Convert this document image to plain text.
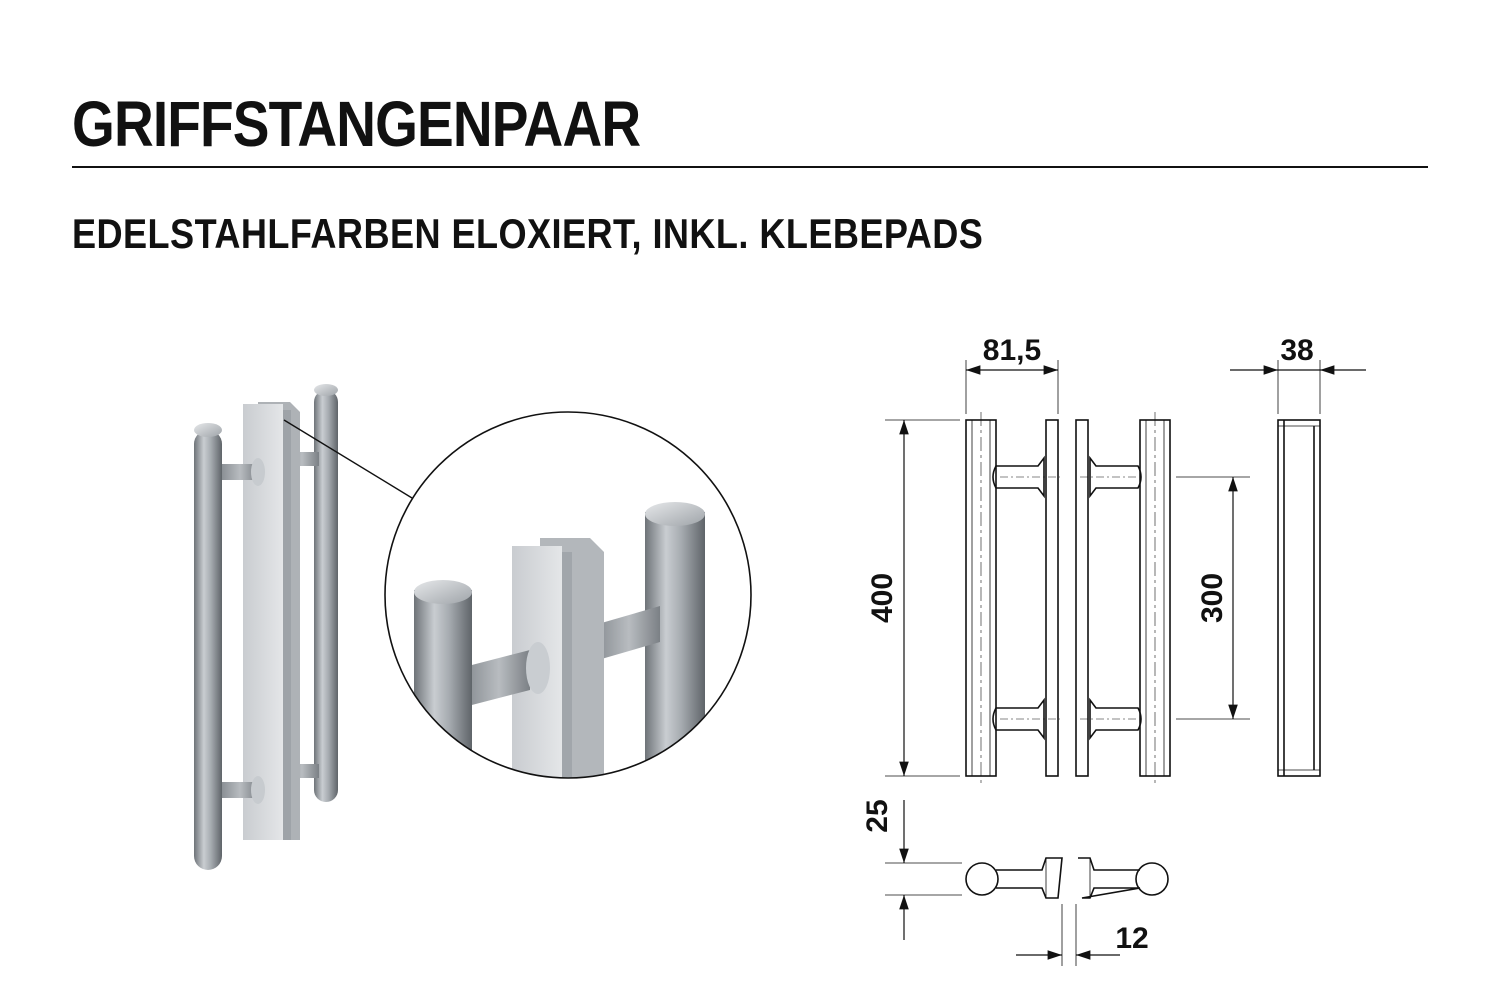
GRIFFSTANGENPAAR
EDELSTAHLFARBEN ELOXIERT, INKL. KLEBEPADS
81,5	38
400	300
25
12
